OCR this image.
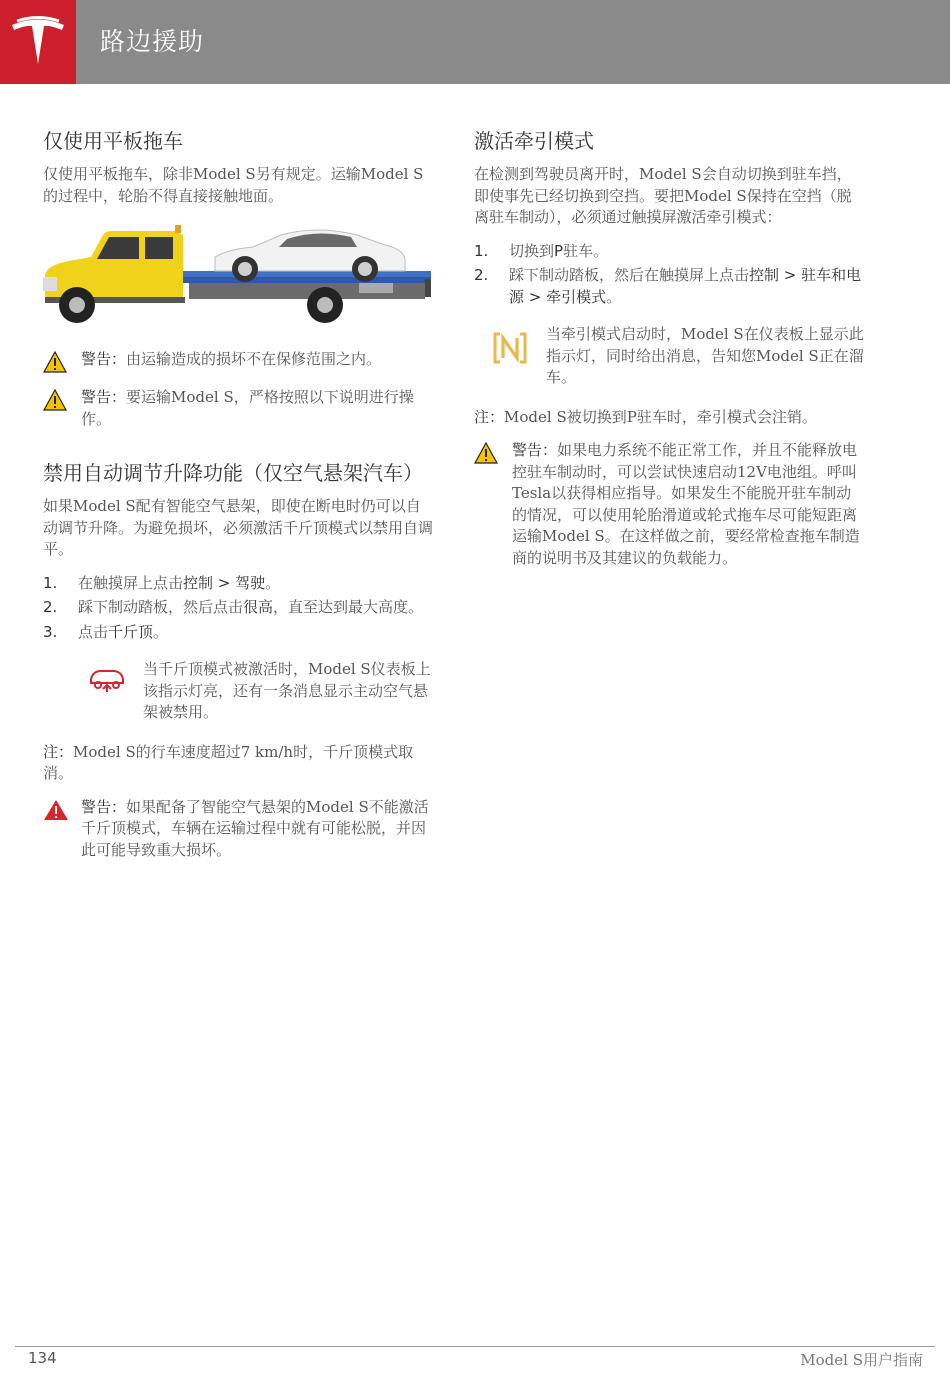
路边援助
仅使用平板拖车

仅使用平板拖车，除非Model S另有规定。运输Model S的过程中，轮胎不得直接接触地面。

警告：由运输造成的损坏不在保修范围之内。
警告：要运输Model S，严格按照以下说明进行操作。
禁用自动调节升降功能（仅空气悬架汽车）

如果Model S配有智能空气悬架，即使在断电时仍可以自动调节升降。为避免损坏，必须激活千斤顶模式以禁用自调平。

1.	在触摸屏上点击控制 > 驾驶。
2.	踩下制动踏板，然后点击很高，直至达到最大高度。
3.	点击千斤顶。
当千斤顶模式被激活时，Model S仪表板上该指示灯亮，还有一条消息显示主动空气悬架被禁用。

注：Model S的行车速度超过7 km/h时，千斤顶模式取消。

警告：如果配备了智能空气悬架的Model S不能激活千斤顶模式，车辆在运输过程中就有可能松脱，并因此可能导致重大损坏。
激活牵引模式

在检测到驾驶员离开时，Model S会自动切换到驻车挡，即使事先已经切换到空挡。要把Model S保持在空挡（脱离驻车制动），必须通过触摸屏激活牵引模式：

1.	切换到P驻车。
2.	踩下制动踏板，然后在触摸屏上点击控制 > 驻车和电源 > 牵引模式。
当牵引模式启动时，Model S在仪表板上显示此指示灯，同时给出消息，告知您Model S正在溜车。

注：Model S被切换到P驻车时，牵引模式会注销。

警告：如果电力系统不能正常工作，并且不能释放电控驻车制动时，可以尝试快速启动12V电池组。呼叫Tesla以获得相应指导。如果发生不能脱开驻车制动的情况，可以使用轮胎滑道或轮式拖车尽可能短距离运输Model S。在这样做之前，要经常检查拖车制造商的说明书及其建议的负载能力。
134	Model S用户指南
